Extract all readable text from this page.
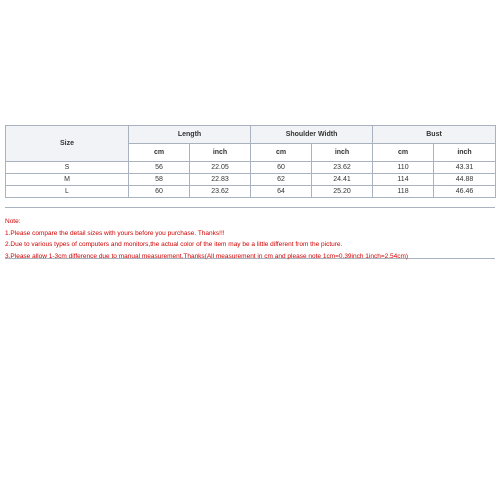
Size	Length		Shoulder Width		Bust	
	cm	inch	cm	inch	cm	inch
S	56	22.05	60	23.62	110	43.31
M	58	22.83	62	24.41	114	44.88
L	60	23.62	64	25.20	118	46.46
Note:
1.Please compare the detail sizes with yours before you purchase. Thanks!!!
2.Due to various types of computers and monitors,the actual color of the item may be a little different from the picture.
3.Please allow 1-3cm difference due to manual measurement.Thanks(All measurement in cm and please note 1cm=0.39inch 1inch=2.54cm)
